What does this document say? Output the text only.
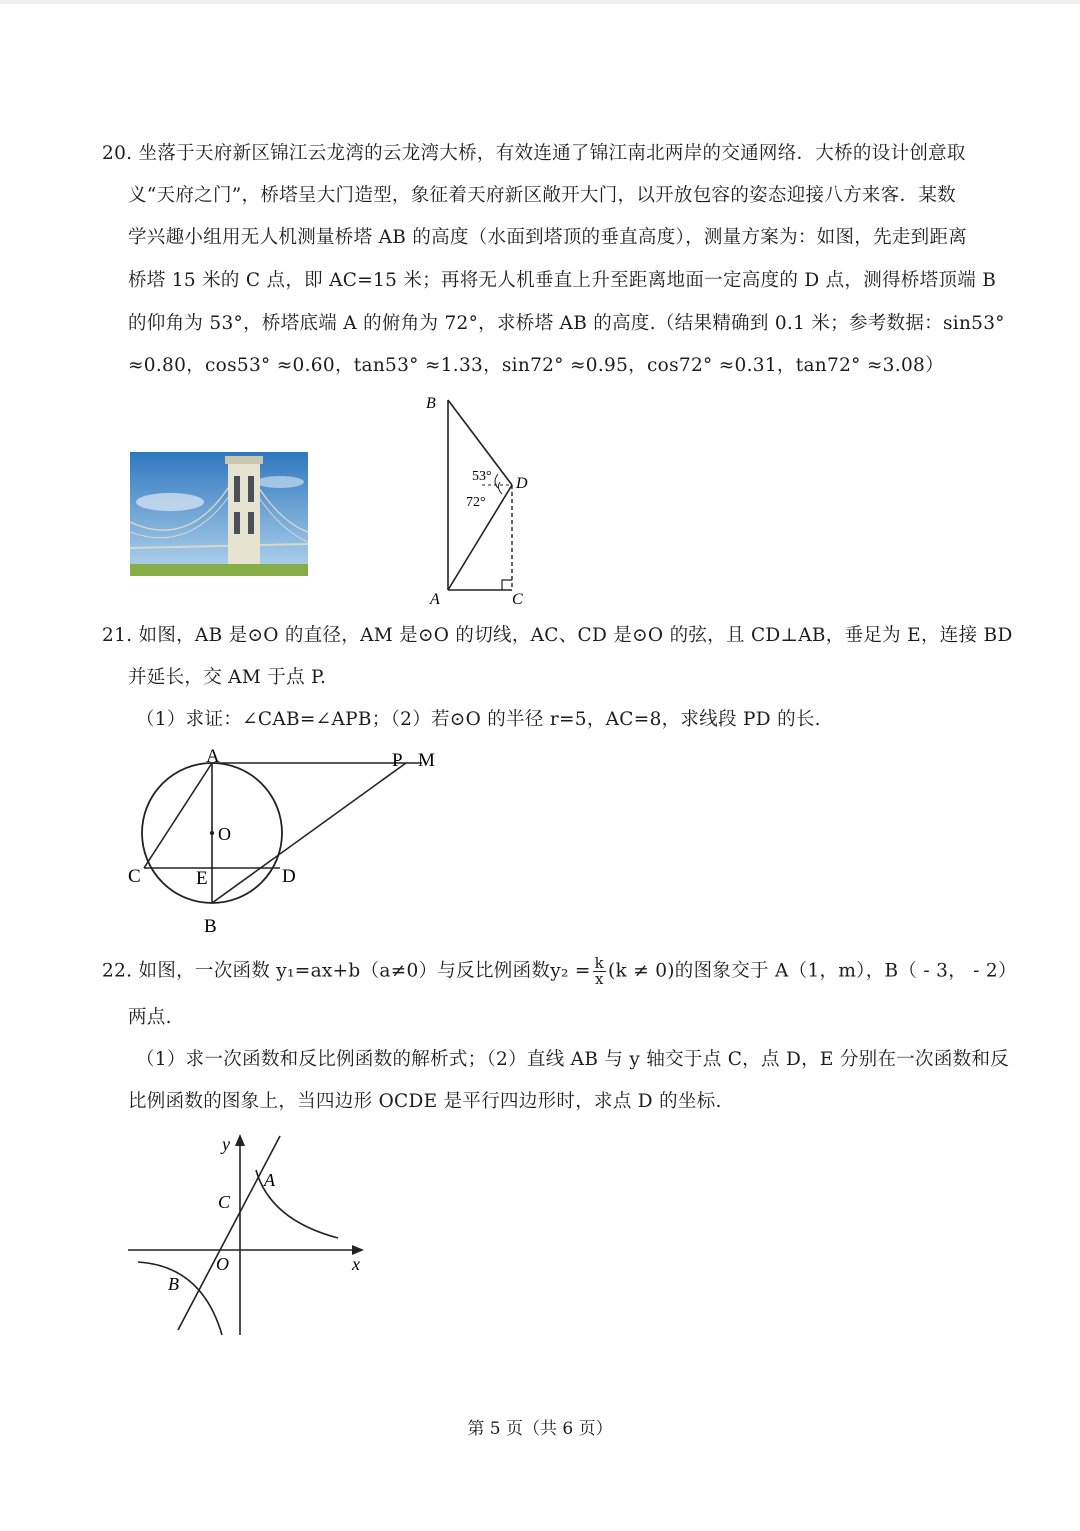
20. 坐落于天府新区锦江云龙湾的云龙湾大桥，有效连通了锦江南北两岸的交通网络．大桥的设计创意取
义“天府之门”，桥塔呈大门造型，象征着天府新区敞开大门，以开放包容的姿态迎接八方来客．某数
学兴趣小组用无人机测量桥塔 AB 的高度（水面到塔顶的垂直高度），测量方案为：如图，先走到距离
桥塔 15 米的 C 点，即 AC=15 米；再将无人机垂直上升至距离地面一定高度的 D 点，测得桥塔顶端 B
的仰角为 53°，桥塔底端 A 的俯角为 72°，求桥塔 AB 的高度.（结果精确到 0.1 米；参考数据：sin53°
≈0.80，cos53° ≈0.60，tan53° ≈1.33，sin72° ≈0.95，cos72° ≈0.31，tan72° ≈3.08）
B
A	C
D
53°
72°
21. 如图，AB 是⊙O 的直径，AM 是⊙O 的切线，AC、CD 是⊙O 的弦，且 CD⊥AB，垂足为 E，连接 BD
并延长，交 AM 于点 P.
（1）求证：∠CAB=∠APB；（2）若⊙O 的半径 r=5，AC=8，求线段 PD 的长.
A	P M
O
C	E	D
B
22. 如图，一次函数 y₁=ax+b（a≠0）与反比例函数$y_2 = \frac{k}{x} (k \ne 0)$的图象交于 A（1，m），B（ - 3， - 2）
两点.
（1）求一次函数和反比例函数的解析式；（2）直线 AB 与 y 轴交于点 C，点 D，E 分别在一次函数和反
比例函数的图象上，当四边形 OCDE 是平行四边形时，求点 D 的坐标.
y
x
A
C
O
B
第 5 页（共 6 页）
